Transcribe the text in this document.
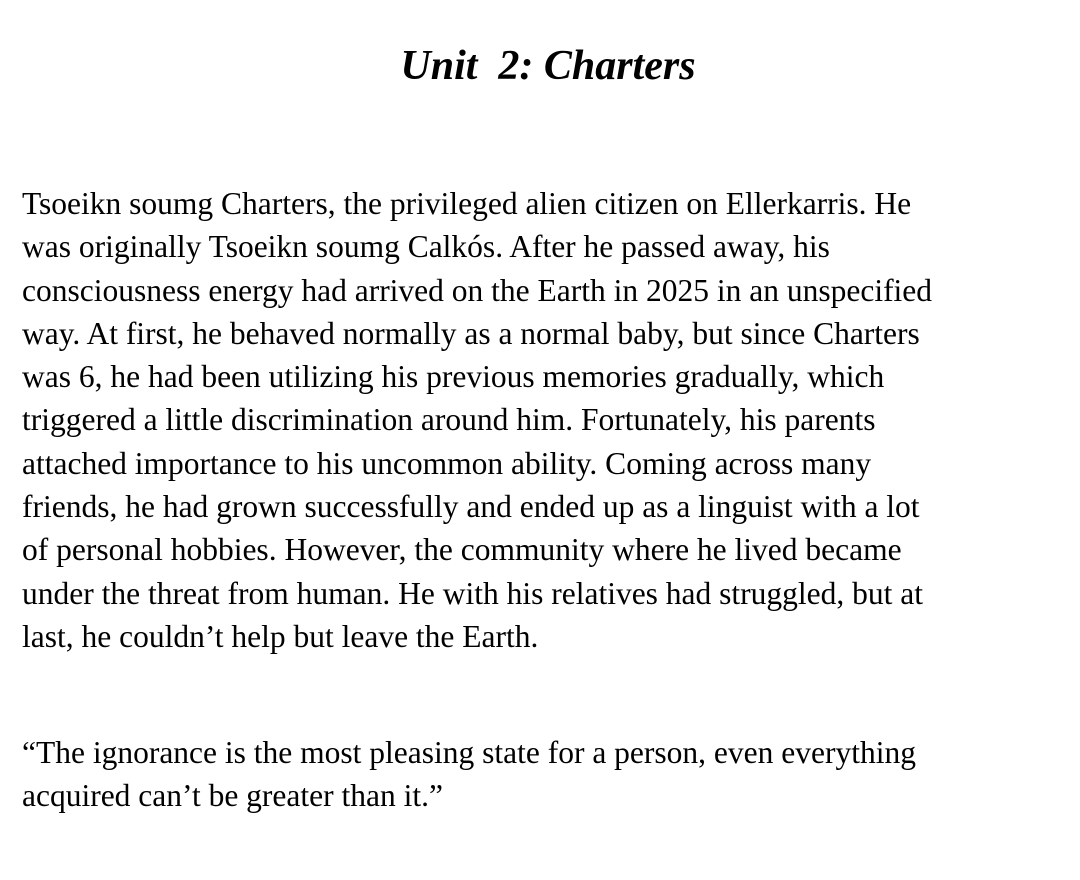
Unit  2: Charters

Tsoeikn soumg Charters, the privileged alien citizen on Ellerkarris. He
was originally Tsoeikn soumg Calkós. After he passed away, his
consciousness energy had arrived on the Earth in 2025 in an unspecified
way. At first, he behaved normally as a normal baby, but since Charters
was 6, he had been utilizing his previous memories gradually, which
triggered a little discrimination around him. Fortunately, his parents
attached importance to his uncommon ability. Coming across many
friends, he had grown successfully and ended up as a linguist with a lot
of personal hobbies. However, the community where he lived became
under the threat from human. He with his relatives had struggled, but at
last, he couldn’t help but leave the Earth.

“The ignorance is the most pleasing state for a person, even everything
acquired can’t be greater than it.”
